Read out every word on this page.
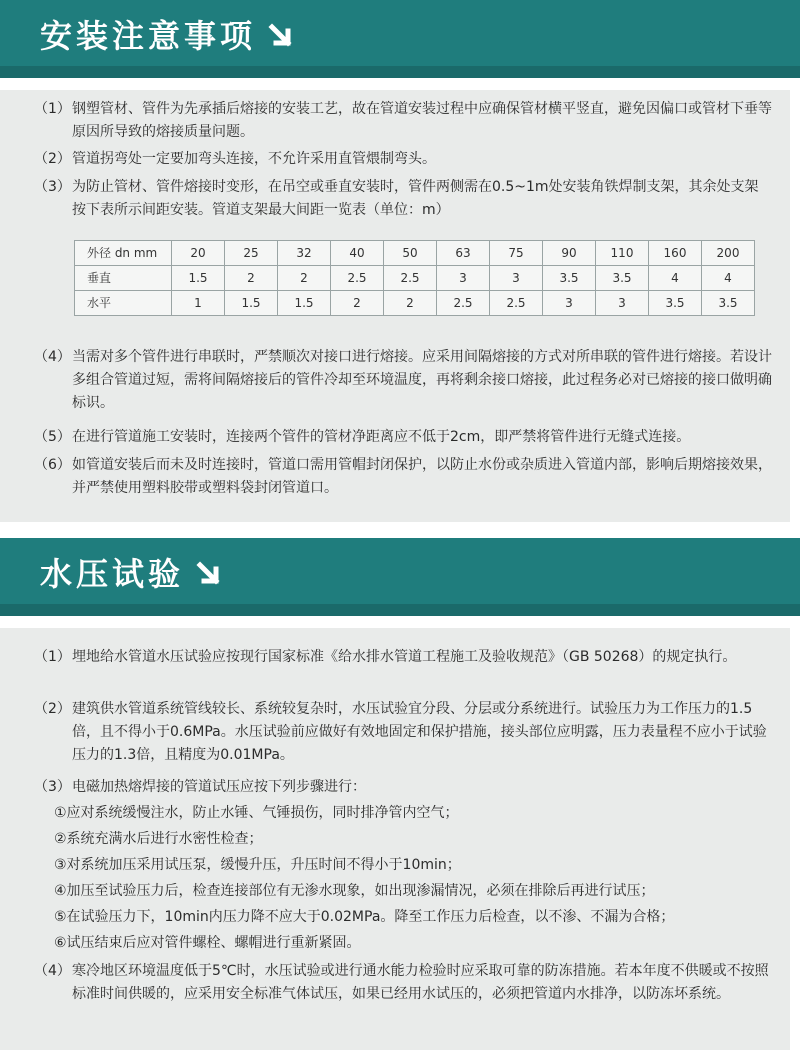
安装注意事项
（1） 钢塑管材、管件为先承插后熔接的安装工艺，故在管道安装过程中应确保管材横平竖直，避免因偏口或管材下垂等原因所导致的熔接质量问题。
（2） 管道拐弯处一定要加弯头连接，不允许采用直管煨制弯头。
（3） 为防止管材、管件熔接时变形，在吊空或垂直安装时，管件两侧需在0.5~1m处安装角铁焊制支架，其余处支架按下表所示间距安装。管道支架最大间距一览表（单位：m）
外径 dn mm	20	25	32	40	50	63	75	90	110	160	200
垂直	1.5	2	2	2.5	2.5	3	3	3.5	3.5	4	4
水平	1	1.5	1.5	2	2	2.5	2.5	3	3	3.5	3.5
（4） 当需对多个管件进行串联时，严禁顺次对接口进行熔接。应采用间隔熔接的方式对所串联的管件进行熔接。若设计多组合管道过短，需将间隔熔接后的管件冷却至环境温度，再将剩余接口熔接，此过程务必对已熔接的接口做明确标识。
（5） 在进行管道施工安装时，连接两个管件的管材净距离应不低于2cm，即严禁将管件进行无缝式连接。
（6） 如管道安装后而未及时连接时，管道口需用管帽封闭保护，以防止水份或杂质进入管道内部，影响后期熔接效果，并严禁使用塑料胶带或塑料袋封闭管道口。
水压试验
（1） 埋地给水管道水压试验应按现行国家标准《给水排水管道工程施工及验收规范》（GB 50268）的规定执行。
（2） 建筑供水管道系统管线较长、系统较复杂时，水压试验宜分段、分层或分系统进行。试验压力为工作压力的1.5倍，且不得小于0.6MPa。水压试验前应做好有效地固定和保护措施，接头部位应明露，压力表量程不应小于试验压力的1.3倍，且精度为0.01MPa。
（3） 电磁加热熔焊接的管道试压应按下列步骤进行：
①应对系统缓慢注水，防止水锤、气锤损伤，同时排净管内空气；
②系统充满水后进行水密性检查；
③对系统加压采用试压泵，缓慢升压，升压时间不得小于10min；
④加压至试验压力后，检查连接部位有无渗水现象，如出现渗漏情况，必须在排除后再进行试压；
⑤在试验压力下，10min内压力降不应大于0.02MPa。降至工作压力后检查，以不渗、不漏为合格；
⑥试压结束后应对管件螺栓、螺帽进行重新紧固。
（4） 寒冷地区环境温度低于5℃时，水压试验或进行通水能力检验时应采取可靠的防冻措施。若本年度不供暖或不按照标准时间供暖的，应采用安全标准气体试压，如果已经用水试压的，必须把管道内水排净，以防冻坏系统。
